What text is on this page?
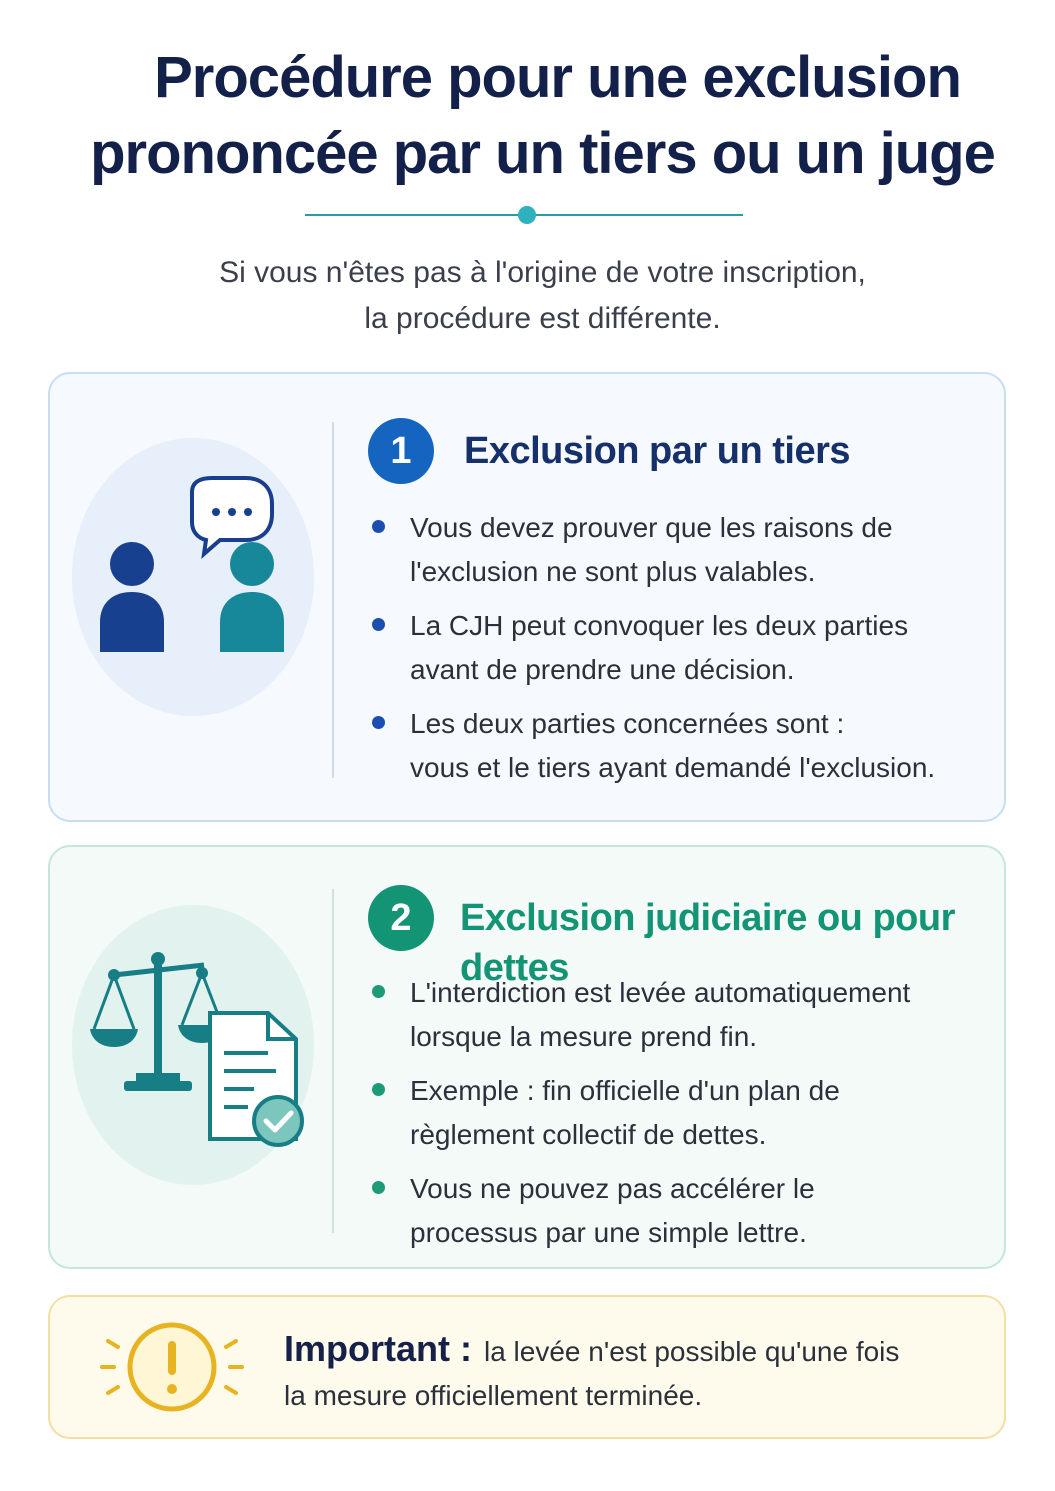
Procédure pour une exclusion
prononcée par un tiers ou un juge

Si vous n'êtes pas à l'origine de votre inscription,
la procédure est différente.

1	Exclusion par un tiers
Vous devez prouver que les raisons de
l'exclusion ne sont plus valables.
La CJH peut convoquer les deux parties
avant de prendre une décision.
Les deux parties concernées sont :
vous et le tiers ayant demandé l'exclusion.
2	Exclusion judiciaire ou pour dettes
L'interdiction est levée automatiquement
lorsque la mesure prend fin.
Exemple : fin officielle d'un plan de
règlement collectif de dettes.
Vous ne pouvez pas accélérer le
processus par une simple lettre.
Important : la levée n'est possible qu'une fois
la mesure officiellement terminée.
